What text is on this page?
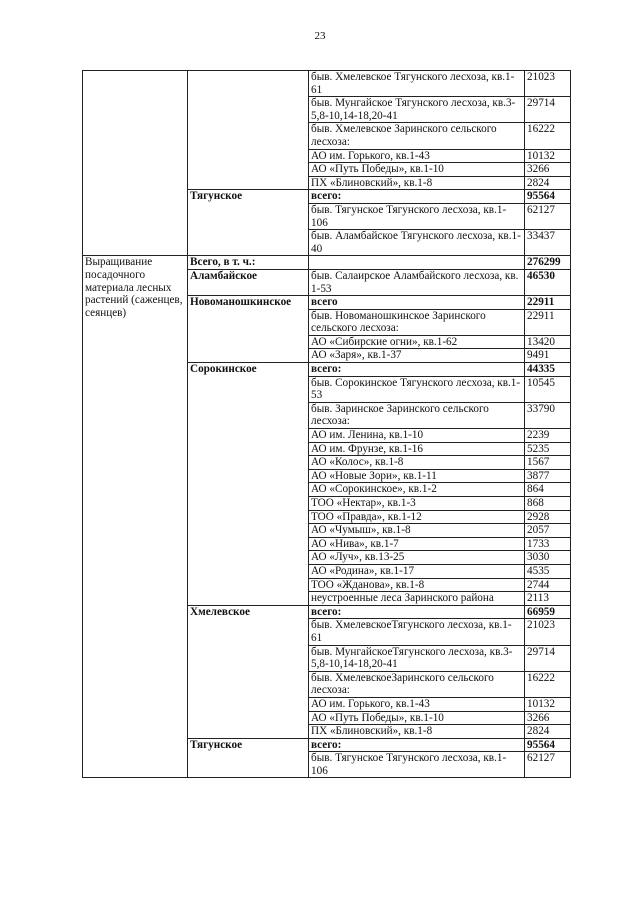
23
		быв. Хмелевское Тягунского лесхоза, кв.1-61	21023
		быв. Мунгайское Тягунского лесхоза, кв.3-5,8-10,14-18,20-41	29714
		быв. Хмелевское Заринского сельского лесхоза:	16222
		АО им. Горького, кв.1-43	10132
		АО «Путь Победы», кв.1-10	3266
		ПХ «Блиновский», кв.1-8	2824
	Тягунское	всего:	95564
		быв. Тягунское Тягунского лесхоза, кв.1-106	62127
		быв. Аламбайское Тягунского лесхоза, кв.1-40	33437
Выращивание посадочного материала лесных растений (саженцев, сеянцев)	Всего, в т. ч.:		276299
	Аламбайское	быв. Салаирское Аламбайского лесхоза, кв. 1-53	46530
	Новоманошкинское	всего	22911
		быв. Новоманошкинское Заринского сельского лесхоза:	22911
		АО «Сибирские огни», кв.1-62	13420
		АО «Заря», кв.1-37	9491
	Сорокинское	всего:	44335
		быв. Сорокинское Тягунского лесхоза, кв.1-53	10545
		быв. Заринское Заринского сельского лесхоза:	33790
		АО им. Ленина, кв.1-10	2239
		АО им. Фрунзе, кв.1-16	5235
		АО «Колос», кв.1-8	1567
		АО «Новые Зори», кв.1-11	3877
		АО «Сорокинское», кв.1-2	864
		ТОО «Нектар», кв.1-3	868
		ТОО «Правда», кв.1-12	2928
		АО «Чумыш», кв.1-8	2057
		АО «Нива», кв.1-7	1733
		АО «Луч», кв.13-25	3030
		АО «Родина», кв.1-17	4535
		ТОО «Жданова», кв.1-8	2744
		неустроенные леса Заринского района	2113
	Хмелевское	всего:	66959
		быв. ХмелевскоеТягунского лесхоза, кв.1-61	21023
		быв. МунгайскоеТягунского лесхоза, кв.3-5,8-10,14-18,20-41	29714
		быв. ХмелевскоеЗаринского сельского лесхоза:	16222
		АО им. Горького, кв.1-43	10132
		АО «Путь Победы», кв.1-10	3266
		ПХ «Блиновский», кв.1-8	2824
	Тягунское	всего:	95564
		быв. Тягунское Тягунского лесхоза, кв.1-106	62127
